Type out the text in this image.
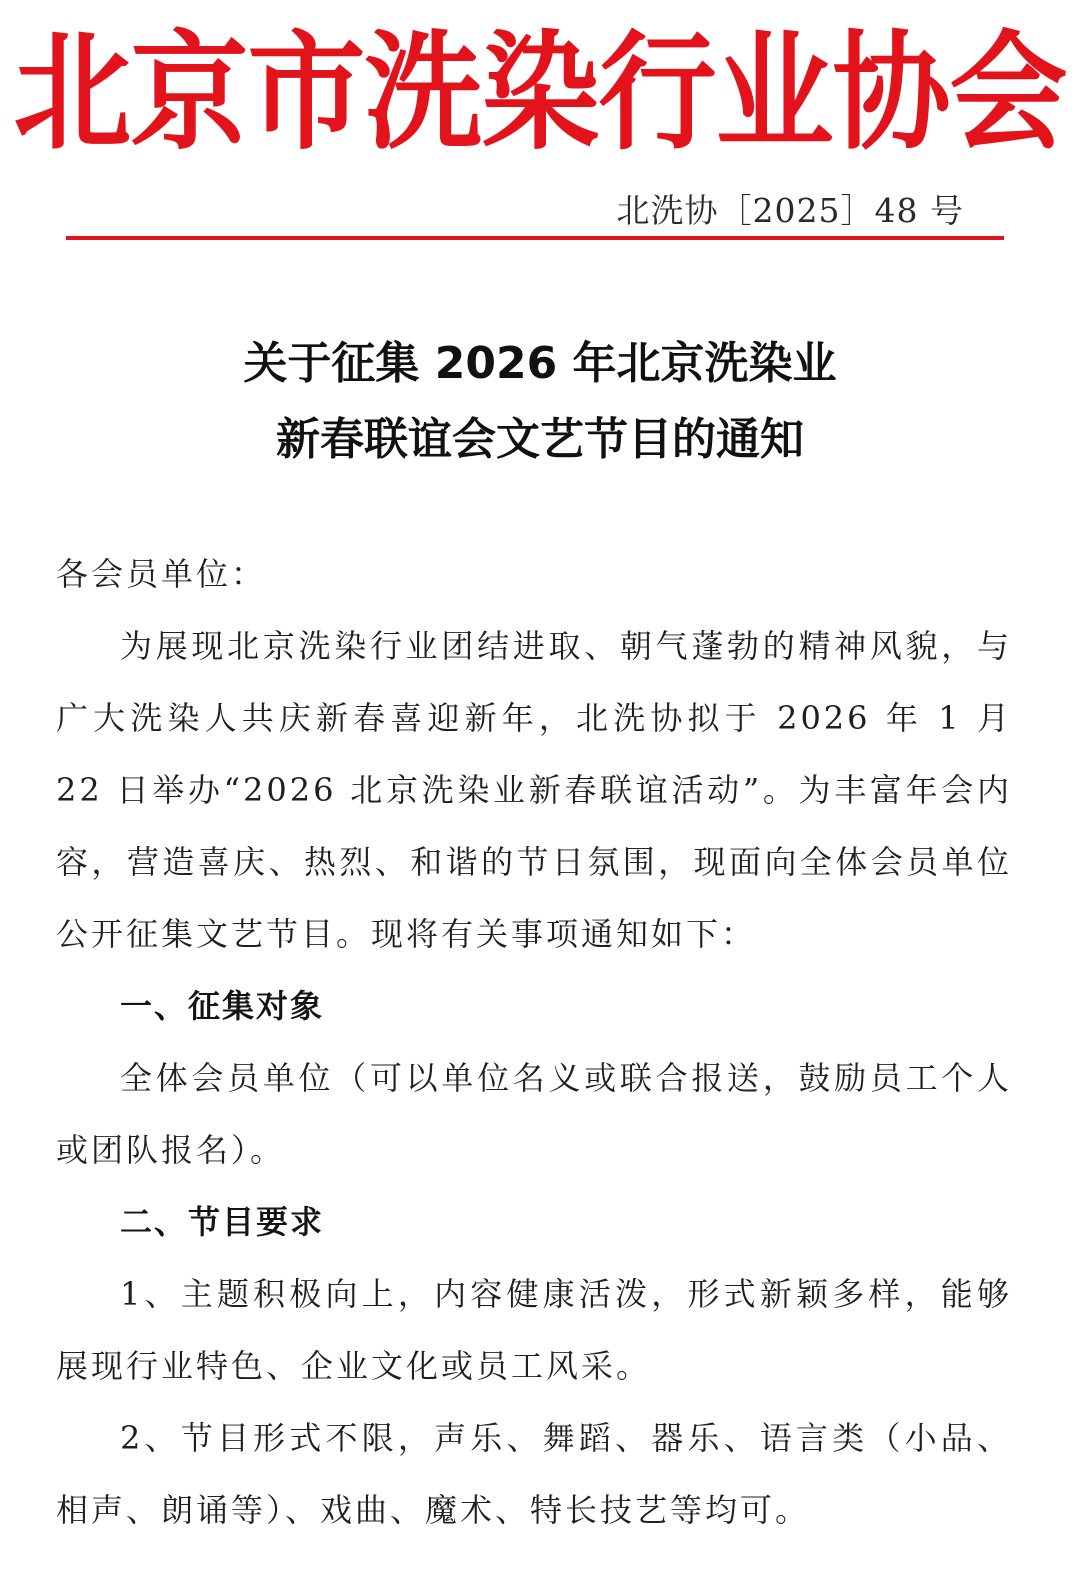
北京市洗染行业协会
北洗协［2025］48 号
关于征集 2026 年北京洗染业
新春联谊会文艺节目的通知

各会员单位：

为展现北京洗染行业团结进取、朝气蓬勃的精神风貌，与广大洗染人共庆新春喜迎新年，北洗协拟于 2026 年 1 月 22 日举办“2026 北京洗染业新春联谊活动”。为丰富年会内容，营造喜庆、热烈、和谐的节日氛围，现面向全体会员单位公开征集文艺节目。现将有关事项通知如下：

一、征集对象

全体会员单位（可以单位名义或联合报送，鼓励员工个人或团队报名）。

二、节目要求

1、主题积极向上，内容健康活泼，形式新颖多样，能够展现行业特色、企业文化或员工风采。

2、节目形式不限，声乐、舞蹈、器乐、语言类（小品、相声、朗诵等）、戏曲、魔术、特长技艺等均可。
